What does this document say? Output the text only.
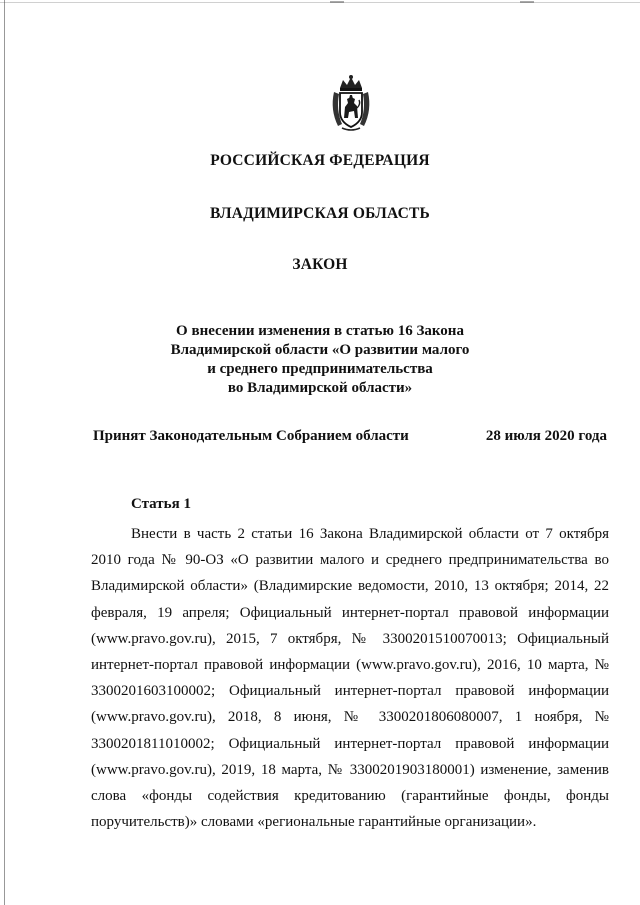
РОССИЙСКАЯ ФЕДЕРАЦИЯ
ВЛАДИМИРСКАЯ ОБЛАСТЬ
ЗАКОН
О внесении изменения в статью 16 Закона
Владимирской области «О развитии малого
и среднего предпринимательства
во Владимирской области»
Принят Законодательным Собранием области	28 июля 2020 года
Статья 1

Внести в часть 2 статьи 16 Закона Владимирской области от 7 октября 2010 года № 90-ОЗ «О развитии малого и среднего предпринимательства во Владимирской области» (Владимирские ведомости, 2010, 13 октября; 2014, 22 февраля, 19 апреля; Официальный интернет-портал правовой информации (www.pravo.gov.ru), 2015, 7 октября, № 3300201510070013; Официальный интернет-портал правовой информации (www.pravo.gov.ru), 2016, 10 марта, № 3300201603100002; Официальный интернет-портал правовой информации (www.pravo.gov.ru), 2018, 8 июня, № 3300201806080007, 1 ноября, № 3300201811010002; Официальный интернет-портал правовой информации (www.pravo.gov.ru), 2019, 18 марта, № 3300201903180001) изменение, заменив слова «фонды содействия кредитованию (гарантийные фонды, фонды поручительств)» словами «региональные гарантийные организации».
